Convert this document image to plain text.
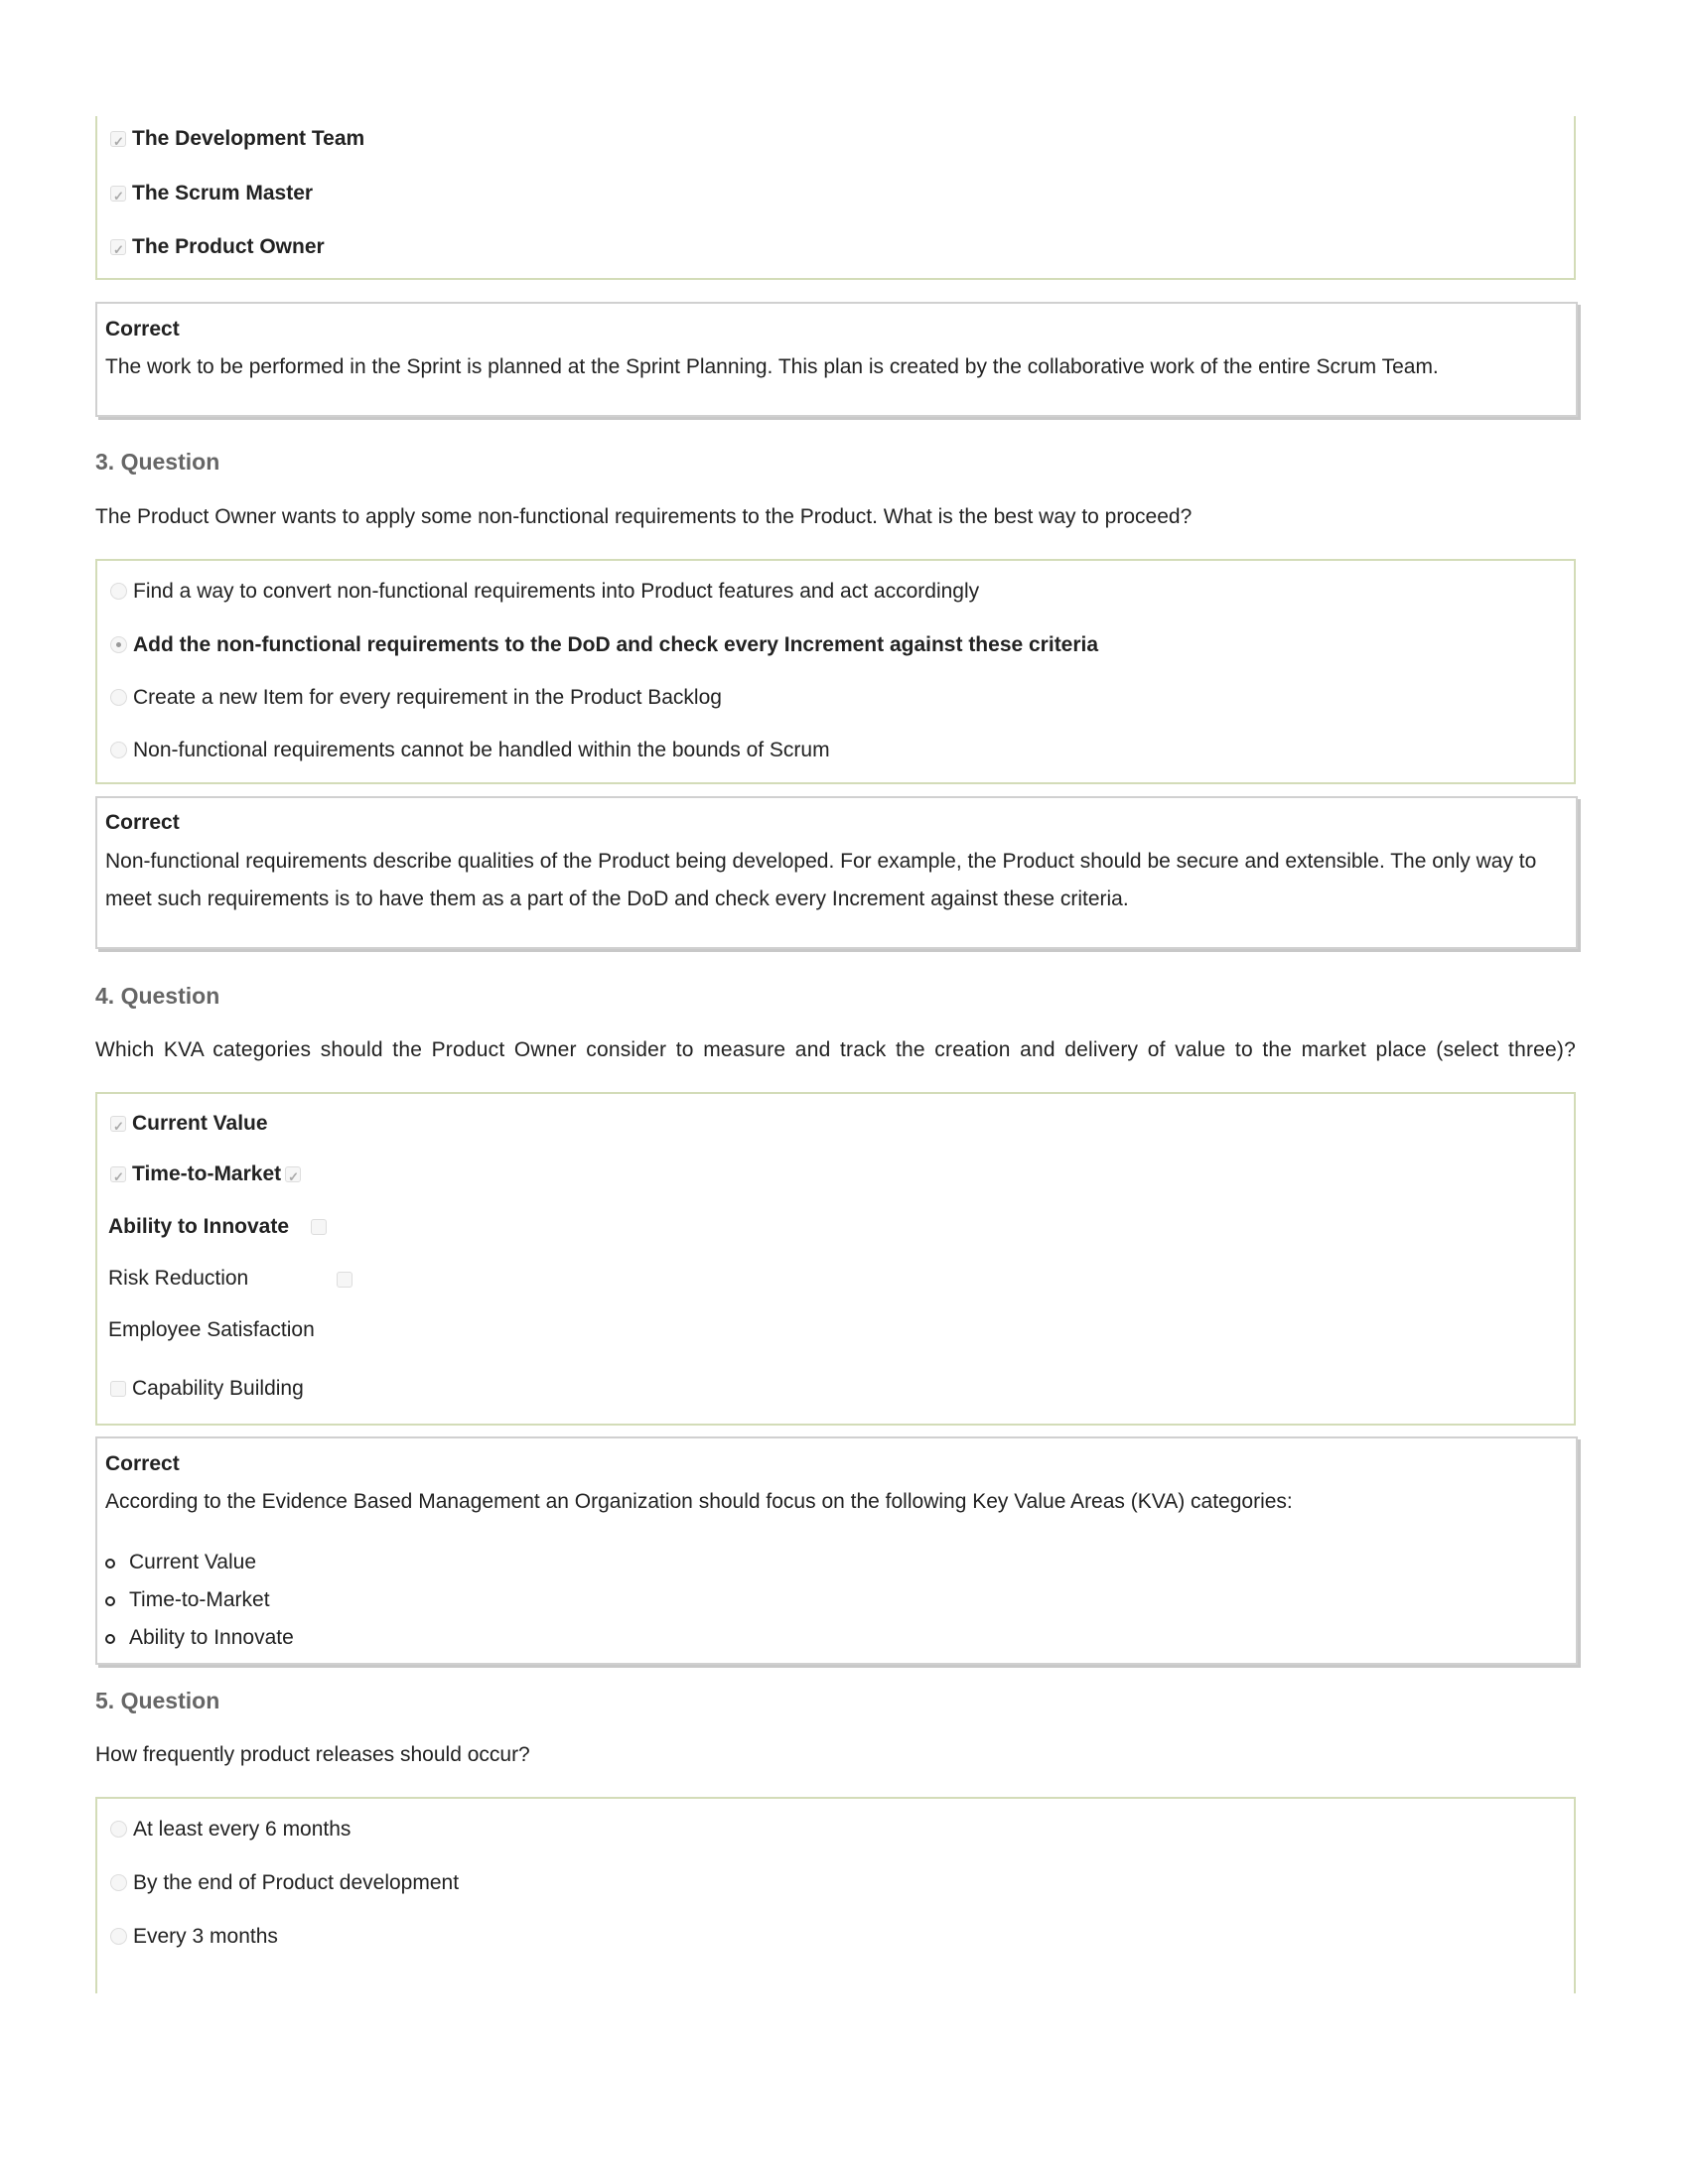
✓The Development Team
✓The Scrum Master
✓The Product Owner
Correct
The work to be performed in the Sprint is planned at the Sprint Planning. This plan is created by the collaborative work of the entire Scrum Team.
3. Question
The Product Owner wants to apply some non-functional requirements to the Product. What is the best way to proceed?
Find a way to convert non-functional requirements into Product features and act accordingly
Add the non-functional requirements to the DoD and check every Increment against these criteria
Create a new Item for every requirement in the Product Backlog
Non-functional requirements cannot be handled within the bounds of Scrum
Correct
Non-functional requirements describe qualities of the Product being developed. For example, the Product should be secure and extensible. The only way to meet such requirements is to have them as a part of the DoD and check every Increment against these criteria.
4. Question
Which KVA categories should the Product Owner consider to measure and track the creation and delivery of value to the market place (select three)?
✓Current Value
✓Time-to-Market✓
Ability to Innovate

Risk Reduction
Employee Satisfaction
Capability Building
Correct
According to the Evidence Based Management an Organization should focus on the following Key Value Areas (KVA) categories:
Current Value
Time-to-Market
Ability to Innovate
5. Question
How frequently product releases should occur?
At least every 6 months
By the end of Product development
Every 3 months
